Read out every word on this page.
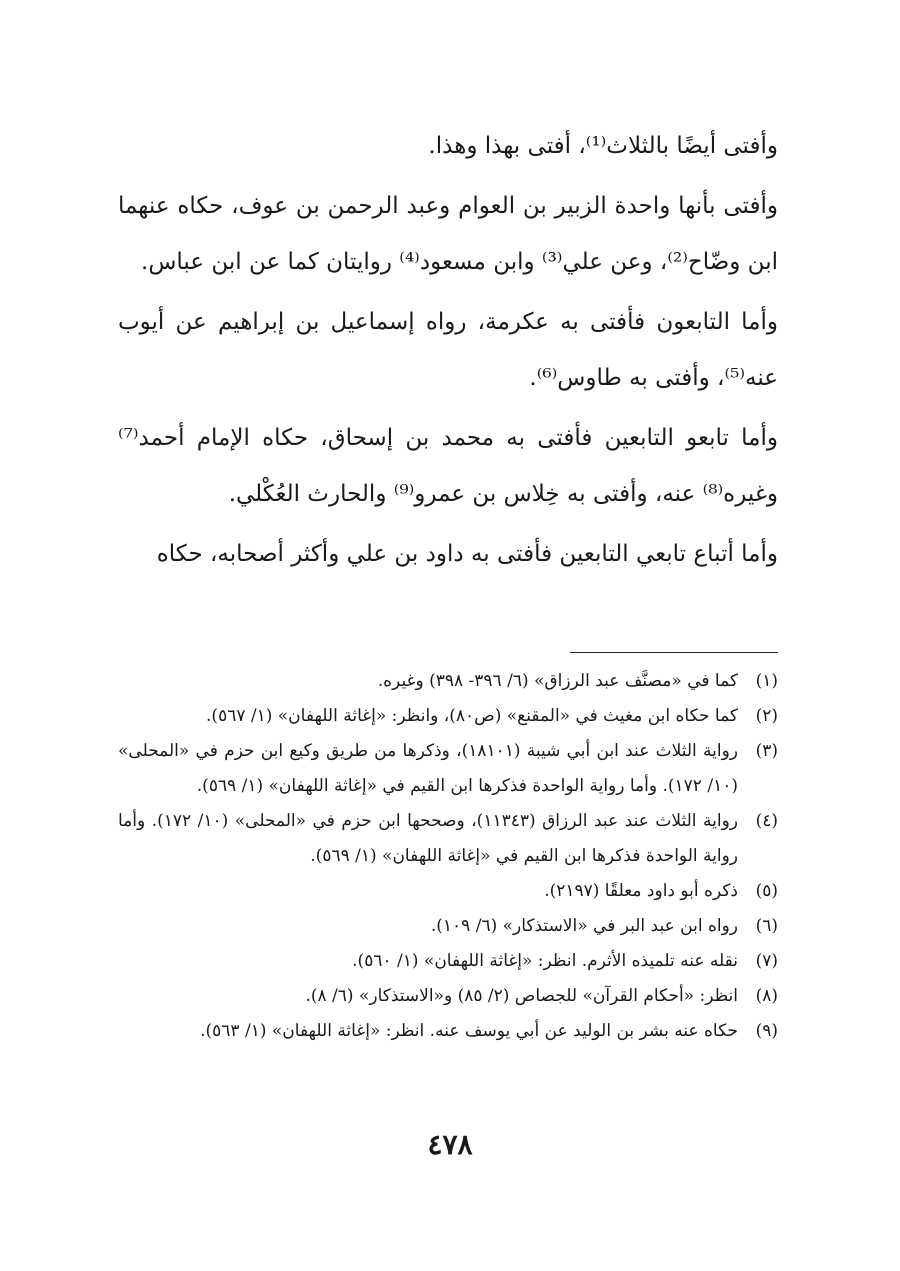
وأفتى أيضًا بالثلاث⁽¹⁾، أفتى بهذا وهذا.

وأفتى بأنها واحدة الزبير بن العوام وعبد الرحمن بن عوف، حكاه عنهما ابن وضّاح⁽²⁾، وعن علي⁽³⁾ وابن مسعود⁽⁴⁾ روايتان كما عن ابن عباس.

وأما التابعون فأفتى به عكرمة، رواه إسماعيل بن إبراهيم عن أيوب عنه⁽⁵⁾، وأفتى به طاوس⁽⁶⁾.

وأما تابعو التابعين فأفتى به محمد بن إسحاق، حكاه الإمام أحمد⁽⁷⁾ وغيره⁽⁸⁾ عنه، وأفتى به خِلاس بن عمرو⁽⁹⁾ والحارث العُكْلي.

وأما أتباع تابعي التابعين فأفتى به داود بن علي وأكثر أصحابه، حكاه

(١)
كما في «مصنَّف عبد الرزاق» (٦/ ٣٩٦- ٣٩٨) وغيره.
(٢)
كما حكاه ابن مغيث في «المقنع» (ص٨٠)، وانظر: «إغاثة اللهفان» (١/ ٥٦٧).
(٣)
رواية الثلاث عند ابن أبي شيبة (١٨١٠١)، وذكرها من طريق وكيع ابن حزم في «المحلى» (١٠/ ١٧٢). وأما رواية الواحدة فذكرها ابن القيم في «إغاثة اللهفان» (١/ ٥٦٩).
(٤)
رواية الثلاث عند عبد الرزاق (١١٣٤٣)، وصححها ابن حزم في «المحلى» (١٠/ ١٧٢). وأما رواية الواحدة فذكرها ابن القيم في «إغاثة اللهفان» (١/ ٥٦٩).
(٥)
ذكره أبو داود معلقًا (٢١٩٧).
(٦)
رواه ابن عبد البر في «الاستذكار» (٦/ ١٠٩).
(٧)
نقله عنه تلميذه الأثرم. انظر: «إغاثة اللهفان» (١/ ٥٦٠).
(٨)
انظر: «أحكام القرآن» للجصاص (٢/ ٨٥) و«الاستذكار» (٦/ ٨).
(٩)
حكاه عنه بشر بن الوليد عن أبي يوسف عنه. انظر: «إغاثة اللهفان» (١/ ٥٦٣).
٤٧٨
